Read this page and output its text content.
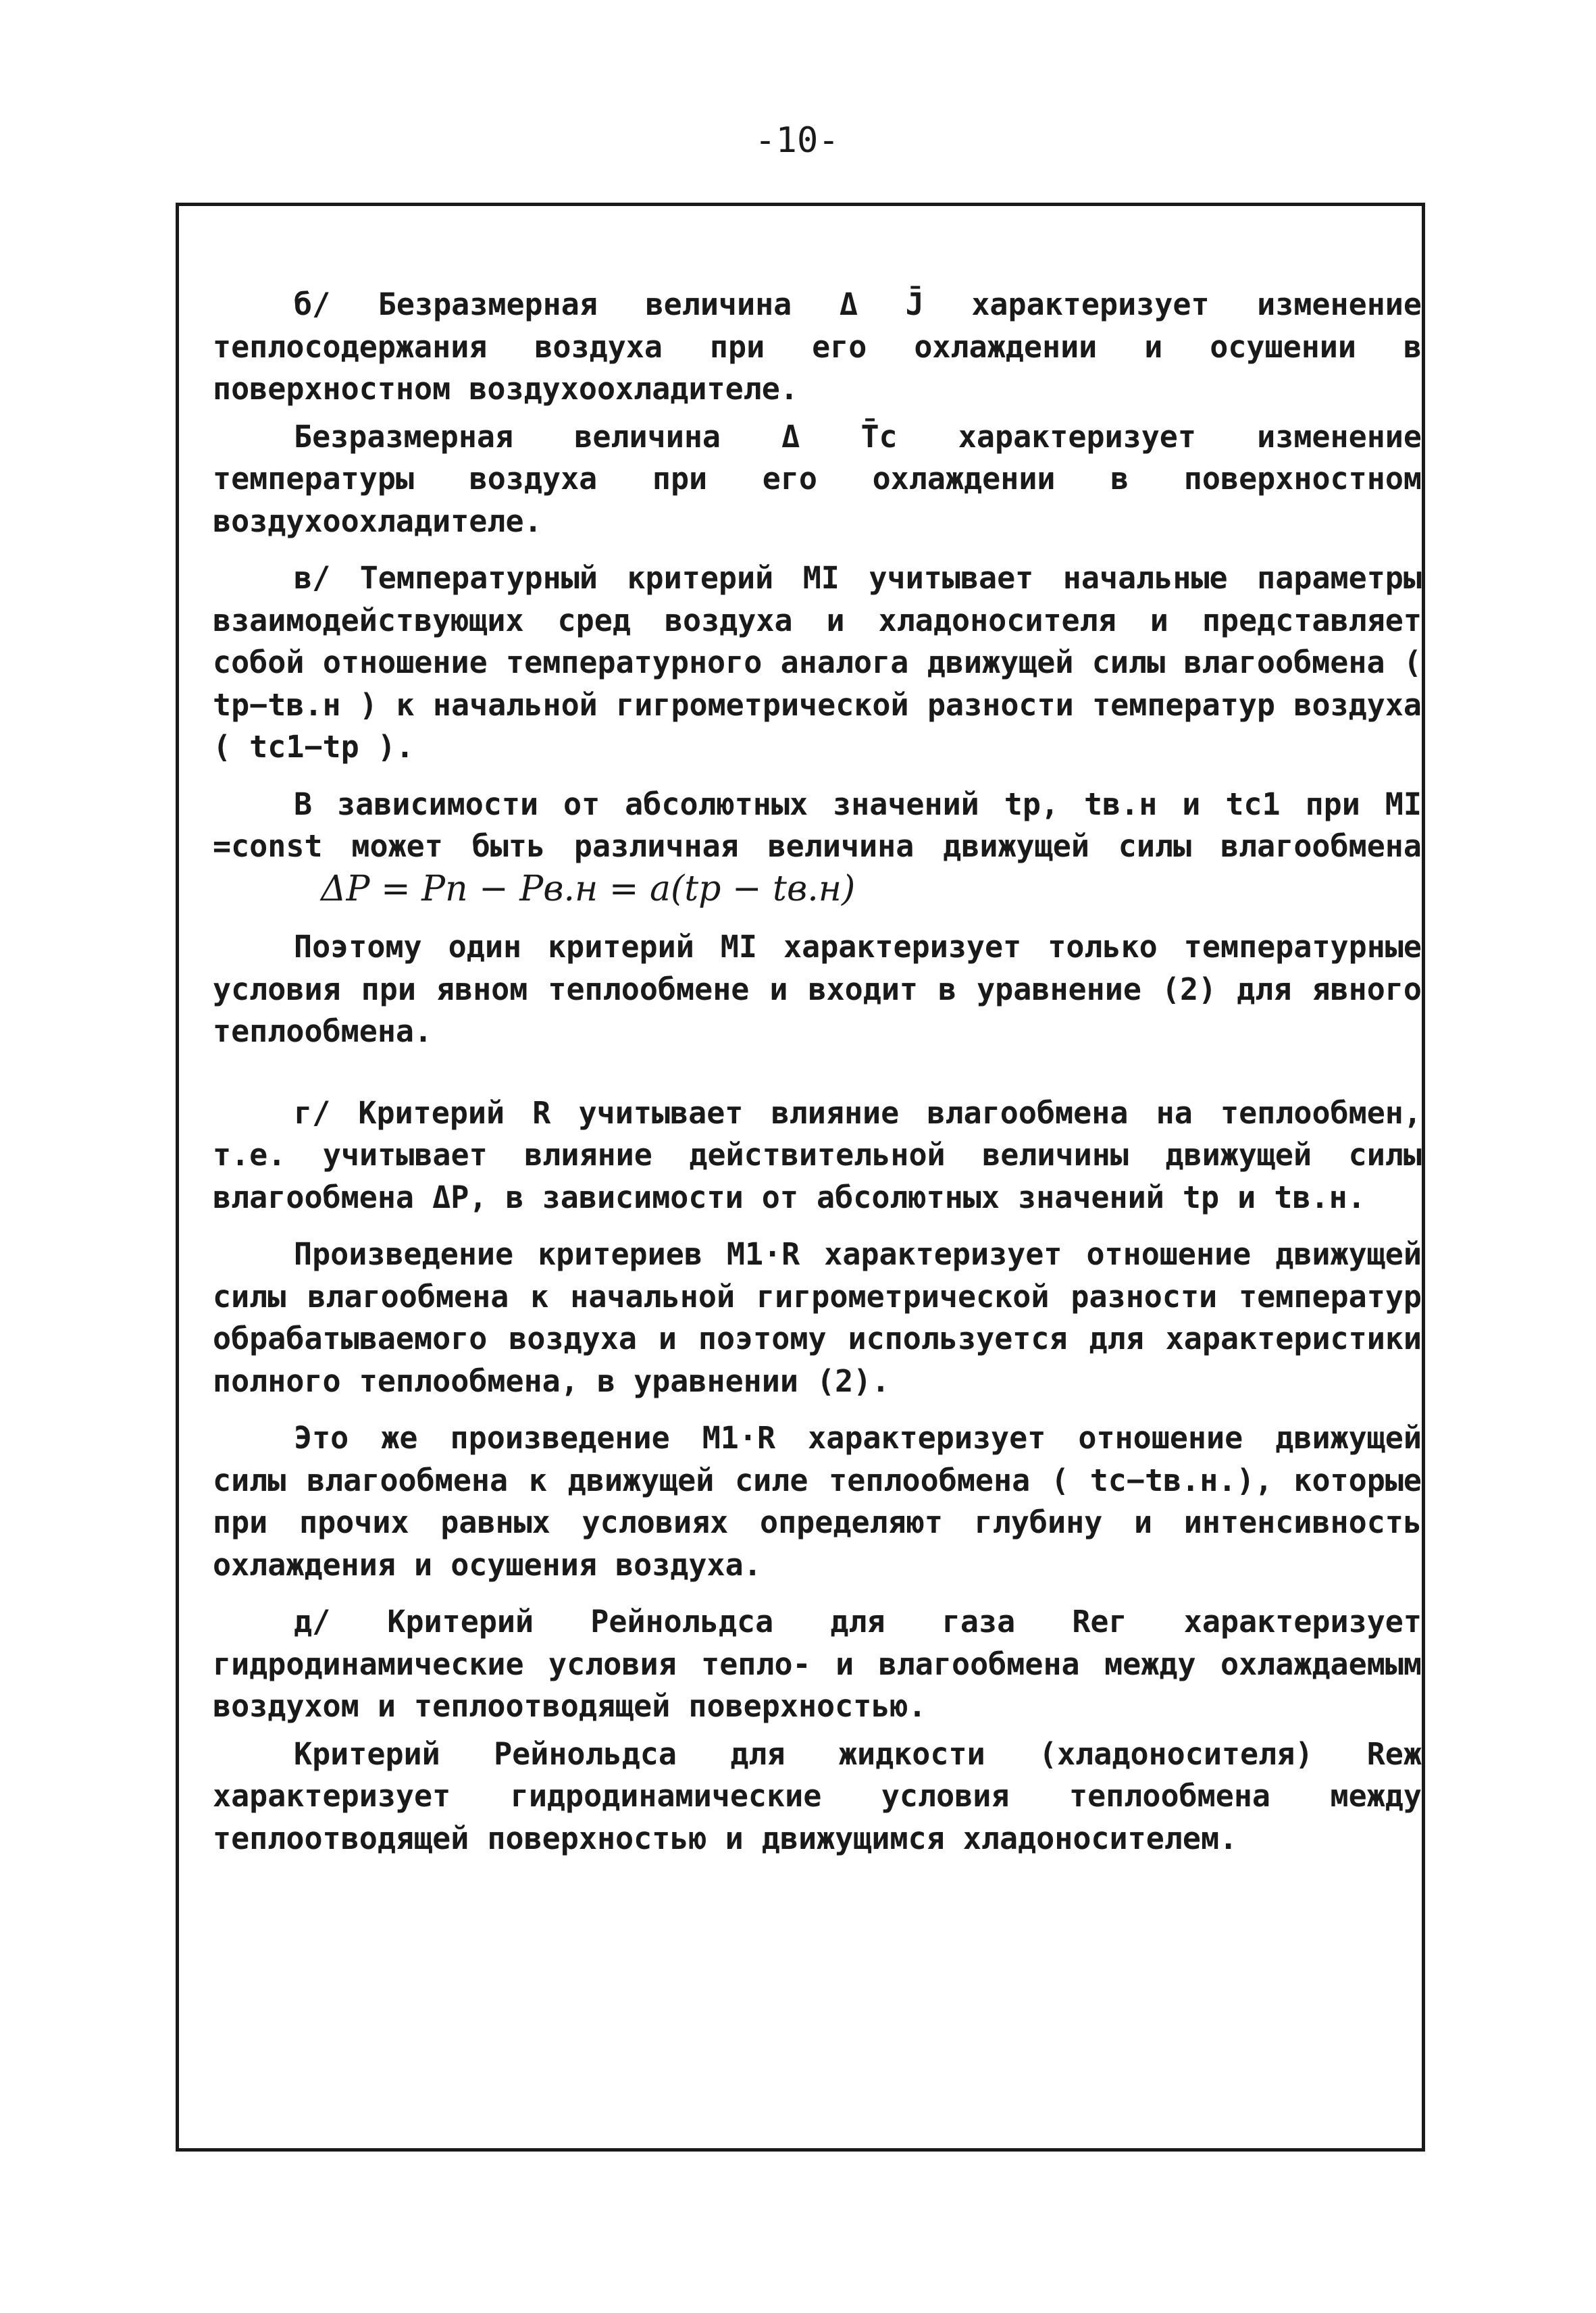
-10-

б/ Безразмерная величина Δ J̄ характеризует изменение теплосодержания воздуха при его охлаждении и осушении в поверхностном воздухоохладителе.

Безразмерная величина Δ T̄c характеризует изменение температуры воздуха при его охлаждении в поверхностном воздухоохладителе.

в/ Температурный критерий MI учитывает начальные параметры взаимодействующих сред воздуха и хладоносителя и представляет собой отношение температурного аналога движущей силы влагообмена ( tp−tв.н ) к начальной гигрометрической разности температур воздуха ( tc1−tp ).

В зависимости от абсолютных значений tp, tв.н и tc1 при MI =const может быть различная величина движущей силы влагообменаΔP = Pп − Pв.н = a(tp − tв.н)

Поэтому один критерий MI характеризует только температурные условия при явном теплообмене и входит в уравнение (2) для явного теплообмена.

г/ Критерий R учитывает влияние влагообмена на теплообмен, т.е. учитывает влияние действительной величины движущей силы влагообмена ΔP, в зависимости от абсолютных значений tp и tв.н.

Произведение критериев M1·R характеризует отношение движущей силы влагообмена к начальной гигрометрической разности температур обрабатываемого воздуха и поэтому используется для характеристики полного теплообмена, в уравнении (2).

Это же произведение M1·R характеризует отношение движущей силы влагообмена к движущей силе теплообмена ( tc−tв.н.), которые при прочих равных условиях определяют глубину и интенсивность охлаждения и осушения воздуха.

д/ Критерий Рейнольдса для газа Reг характеризует гидродинамические условия тепло- и влагообмена между охлаждаемым воздухом и теплоотводящей поверхностью.

Критерий Рейнольдса для жидкости (хладоносителя) Reж характеризует гидродинамические условия теплообмена между теплоотводящей поверхностью и движущимся хладоносителем.
